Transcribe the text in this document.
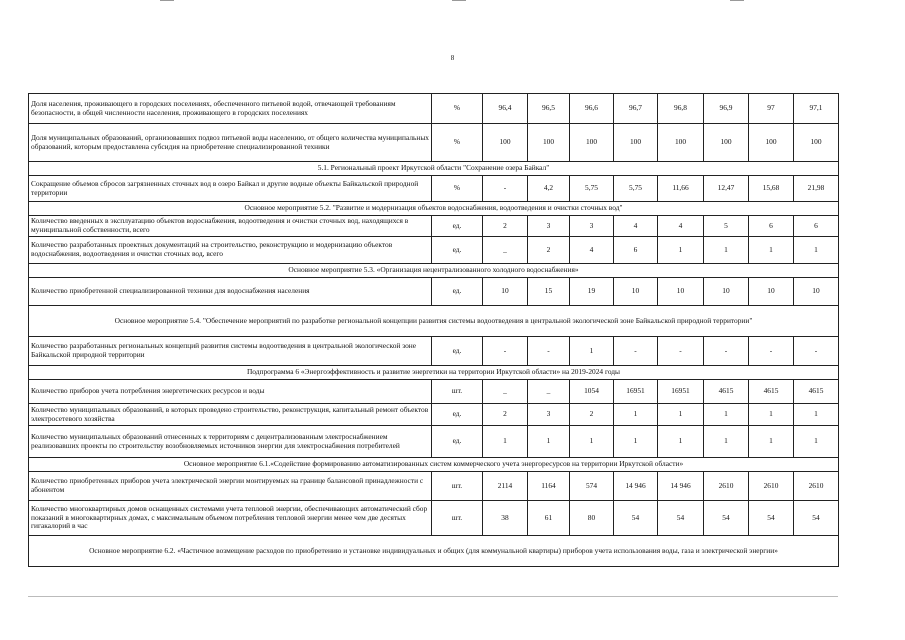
8
Доля населения, проживающего в городских поселениях, обеспеченного питьевой водой, отвечающей требованиям безопасности, в общей численности населения, проживающего в городских поселениях	%	96,4	96,5	96,6	96,7	96,8	96,9	97	97,1
Доля муниципальных образований, организовавших подвоз питьевой воды населению, от общего количества муниципальных образований, которым предоставлена субсидия на приобретение специализированной техники	%	100	100	100	100	100	100	100	100
5.1. Региональный проект Иркутской области "Сохранение озера Байкал"									
Сокращение объемов сбросов загрязненных сточных вод в озеро Байкал и другие водные объекты Байкальской природной территории	%	-	4,2	5,75	5,75	11,66	12,47	15,68	21,98
Основное мероприятие 5.2. "Развитие и модернизация объектов водоснабжения, водоотведения и очистки сточных вод"									
Количество введенных в эксплуатацию объектов водоснабжения, водоотведения и очистки сточных вод, находящихся в муниципальной собственности, всего	ед.	2	3	3	4	4	5	6	6
Количество разработанных проектных документаций на строительство, реконструкцию и модернизацию объектов водоснабжения, водоотведения и очистки сточных вод, всего	ед.	_	2	4	6	1	1	1	1
Основное мероприятие 5.3. «Организация нецентрализованного холодного водоснабжения»									
Количество приобретенной специализированной техники для водоснабжения населения	ед.	10	15	19	10	10	10	10	10
Основное мероприятие 5.4. "Обеспечение мероприятий по разработке региональной концепции развития системы водоотведения в центральной экологической зоне Байкальской природной территории"									
Количество разработанных региональных концепций развития системы водоотведения в центральной экологической зоне Байкальской природной территории	ед.	-	-	1	-	-	-	-	-
Подпрограмма 6 «Энергоэффективность и развитие энергетики на территории Иркутской области» на 2019-2024 годы									
Количество приборов учета потребления энергетических ресурсов и воды	шт.	_	_	1054	16951	16951	4615	4615	4615
Количество муниципальных образований, в которых проведено строительство, реконструкция, капитальный ремонт объектов электросетевого хозяйства	ед.	2	3	2	1	1	1	1	1
Количество муниципальных образований отнесенных к территориям с децентрализованным электроснабжением реализовавших проекты по строительству возобновляемых источников энергии для электроснабжения потребителей	ед.	1	1	1	1	1	1	1	1
Основное мероприятие 6.1.«Содействие формированию автоматизированных систем коммерческого учета энергоресурсов на территории Иркутской области»									
Количество приобретенных приборов учета электрической энергии монтируемых на границе балансовой принадлежности с абонентом	шт.	2114	1164	574	14 946	14 946	2610	2610	2610
Количество многоквартирных домов оснащенных системами учета тепловой энергии, обеспечивающих автоматический сбор показаний в многоквартирных домах, с максимальным объемом потребления тепловой энергии менее чем две десятых гигакалорий в час	шт.	38	61	80	54	54	54	54	54
Основное мероприятие 6.2. «Частичное возмещение расходов по приобретению и установке индивидуальных и общих (для коммунальной квартиры) приборов учета использования воды, газа и электрической энергии»									
